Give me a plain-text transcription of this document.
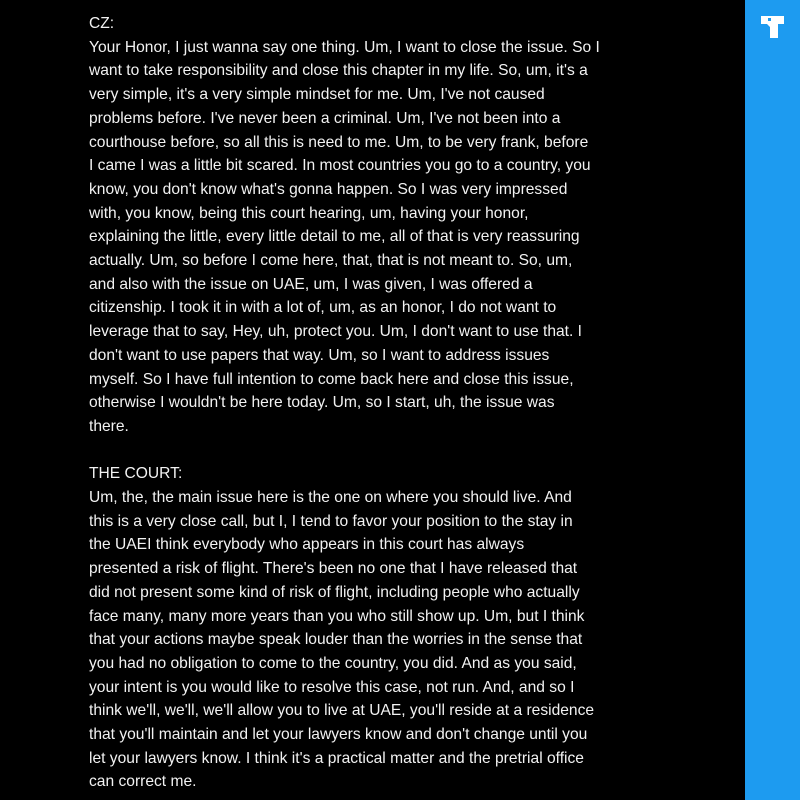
CZ:
Your Honor, I just wanna say one thing. Um, I want to close the issue. So I
want to take responsibility and close this chapter in my life. So, um, it's a
very simple, it's a very simple mindset for me. Um, I've not caused
problems before. I've never been a criminal. Um, I've not been into a
courthouse before, so all this is need to me. Um, to be very frank, before
I came I was a little bit scared. In most countries you go to a country, you
know, you don't know what's gonna happen. So I was very impressed
with, you know, being this court hearing, um, having your honor,
explaining the little, every little detail to me, all of that is very reassuring
actually. Um, so before I come here, that, that is not meant to. So, um,
and also with the issue on UAE, um, I was given, I was offered a
citizenship. I took it in with a lot of, um, as an honor, I do not want to
leverage that to say, Hey, uh, protect you. Um, I don't want to use that. I
don't want to use papers that way. Um, so I want to address issues
myself. So I have full intention to come back here and close this issue,
otherwise I wouldn't be here today. Um, so I start, uh, the issue was
there.
THE COURT:
Um, the, the main issue here is the one on where you should live. And
this is a very close call, but I, I tend to favor your position to the stay in
the UAEI think everybody who appears in this court has always
presented a risk of flight. There's been no one that I have released that
did not present some kind of risk of flight, including people who actually
face many, many more years than you who still show up. Um, but I think
that your actions maybe speak louder than the worries in the sense that
you had no obligation to come to the country, you did. And as you said,
your intent is you would like to resolve this case, not run. And, and so I
think we'll, we'll, we'll allow you to live at UAE, you'll reside at a residence
that you'll maintain and let your lawyers know and don't change until you
let your lawyers know. I think it's a practical matter and the pretrial office
can correct me.
